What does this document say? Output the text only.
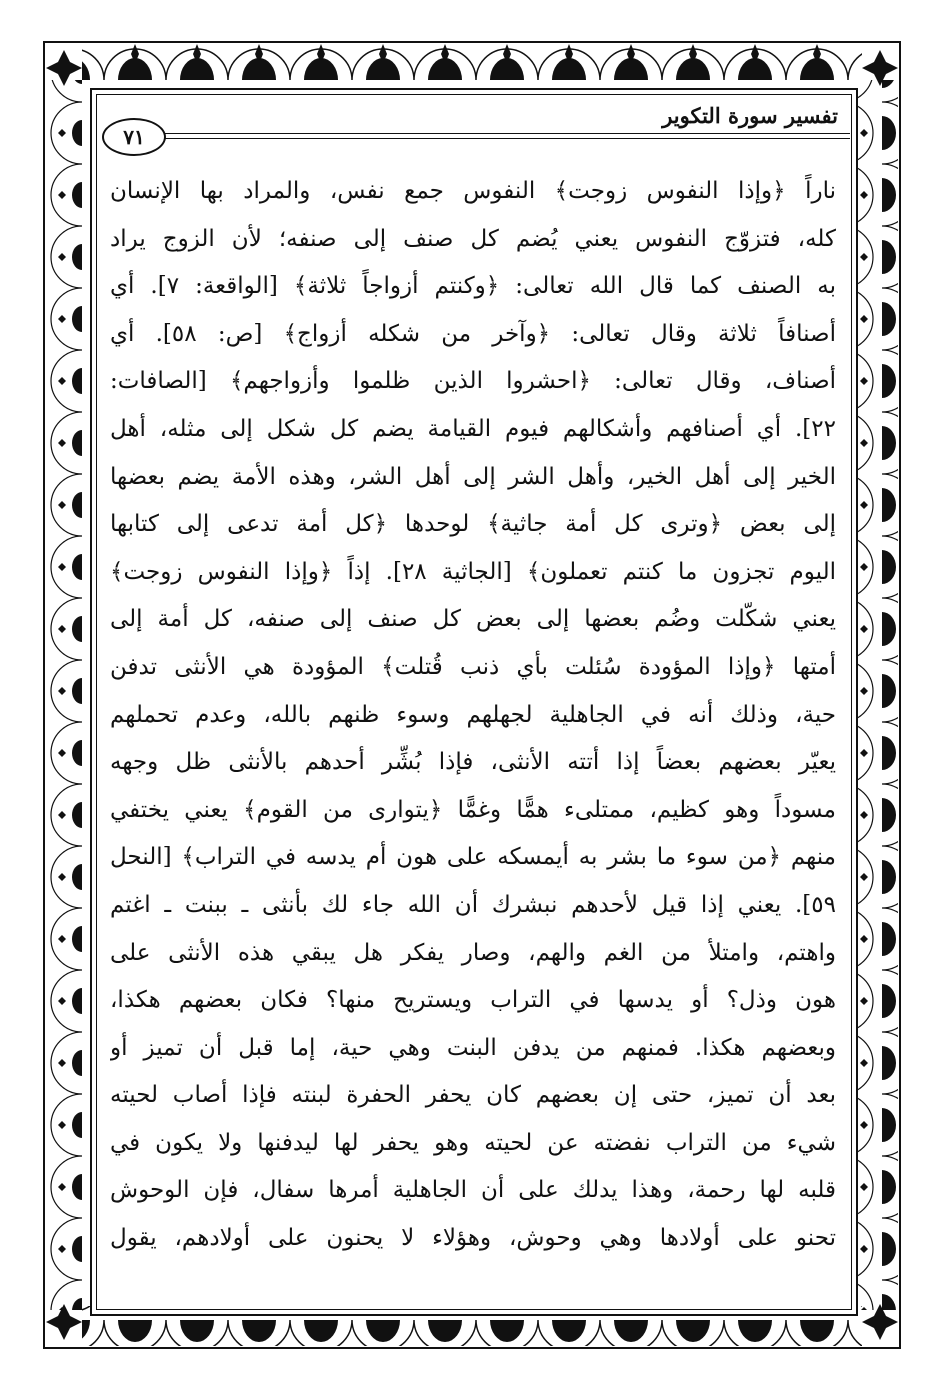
تفسير سورة التكوير
٧١
ناراً ﴿وإذا النفوس زوجت﴾ النفوس جمع نفس، والمراد بها الإنسان
كله، فتزوّج النفوس يعني يُضم كل صنف إلى صنفه؛ لأن الزوج يراد
به الصنف كما قال الله تعالى: ﴿وكنتم أزواجاً ثلاثة﴾ [الواقعة: ٧]. أي
أصنافاً ثلاثة وقال تعالى: ﴿وآخر من شكله أزواج﴾ [ص: ٥٨]. أي
أصناف، وقال تعالى: ﴿احشروا الذين ظلموا وأزواجهم﴾ [الصافات:
٢٢]. أي أصنافهم وأشكالهم فيوم القيامة يضم كل شكل إلى مثله، أهل
الخير إلى أهل الخير، وأهل الشر إلى أهل الشر، وهذه الأمة يضم بعضها
إلى بعض ﴿وترى كل أمة جاثية﴾ لوحدها ﴿كل أمة تدعى إلى كتابها
اليوم تجزون ما كنتم تعملون﴾ [الجاثية ٢٨]. إذاً ﴿وإذا النفوس زوجت﴾
يعني شكّلت وضُم بعضها إلى بعض كل صنف إلى صنفه، كل أمة إلى
أمتها ﴿وإذا المؤودة سُئلت بأي ذنب قُتلت﴾ المؤودة هي الأنثى تدفن
حية، وذلك أنه في الجاهلية لجهلهم وسوء ظنهم بالله، وعدم تحملهم
يعيّر بعضهم بعضاً إذا أتته الأنثى، فإذا بُشِّر أحدهم بالأنثى ظل وجهه
مسوداً وهو كظيم، ممتلىء همًّا وغمًّا ﴿يتوارى من القوم﴾ يعني يختفي
منهم ﴿من سوء ما بشر به أيمسكه على هون أم يدسه في التراب﴾ [النحل
٥٩]. يعني إذا قيل لأحدهم نبشرك أن الله جاء لك بأنثى ـ ببنت ـ اغتم
واهتم، وامتلأ من الغم والهم، وصار يفكر هل يبقي هذه الأنثى على
هون وذل؟ أو يدسها في التراب ويستريح منها؟ فكان بعضهم هكذا،
وبعضهم هكذا. فمنهم من يدفن البنت وهي حية، إما قبل أن تميز أو
بعد أن تميز، حتى إن بعضهم كان يحفر الحفرة لبنته فإذا أصاب لحيته
شيء من التراب نفضته عن لحيته وهو يحفر لها ليدفنها ولا يكون في
قلبه لها رحمة، وهذا يدلك على أن الجاهلية أمرها سفال، فإن الوحوش
تحنو على أولادها وهي وحوش، وهؤلاء لا يحنون على أولادهم، يقول
